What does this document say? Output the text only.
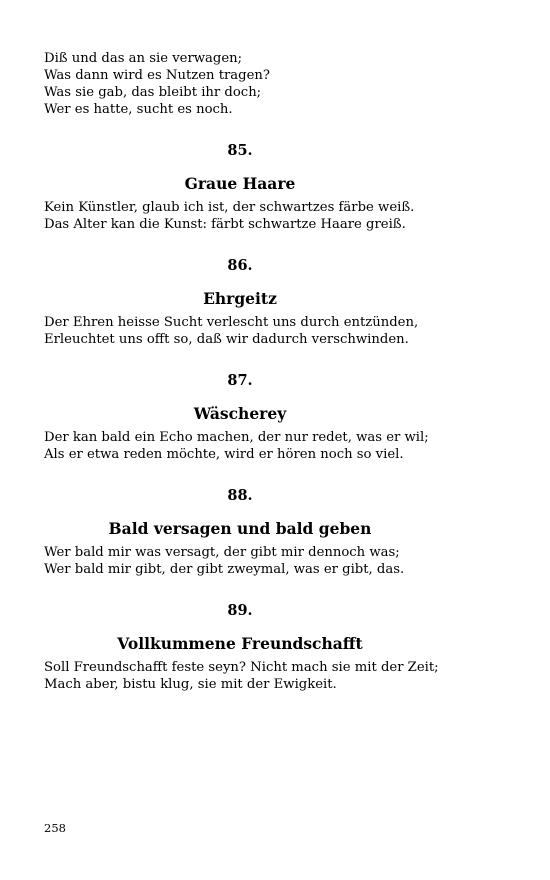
Diß und das an sie verwagen;
Was dann wird es Nutzen tragen?
Was sie gab, das bleibt ihr doch;
Wer es hatte, sucht es noch.
85.
Graue Haare
Kein Künstler, glaub ich ist, der schwartzes färbe weiß.
Das Alter kan die Kunst: färbt schwartze Haare greiß.
86.
Ehrgeitz
Der Ehren heisse Sucht verlescht uns durch entzünden,
Erleuchtet uns offt so, daß wir dadurch verschwinden.
87.
Wäscherey
Der kan bald ein Echo machen, der nur redet, was er wil;
Als er etwa reden möchte, wird er hören noch so viel.
88.
Bald versagen und bald geben
Wer bald mir was versagt, der gibt mir dennoch was;
Wer bald mir gibt, der gibt zweymal, was er gibt, das.
89.
Vollkummene Freundschafft
Soll Freundschafft feste seyn? Nicht mach sie mit der Zeit;
Mach aber, bistu klug, sie mit der Ewigkeit.
258
